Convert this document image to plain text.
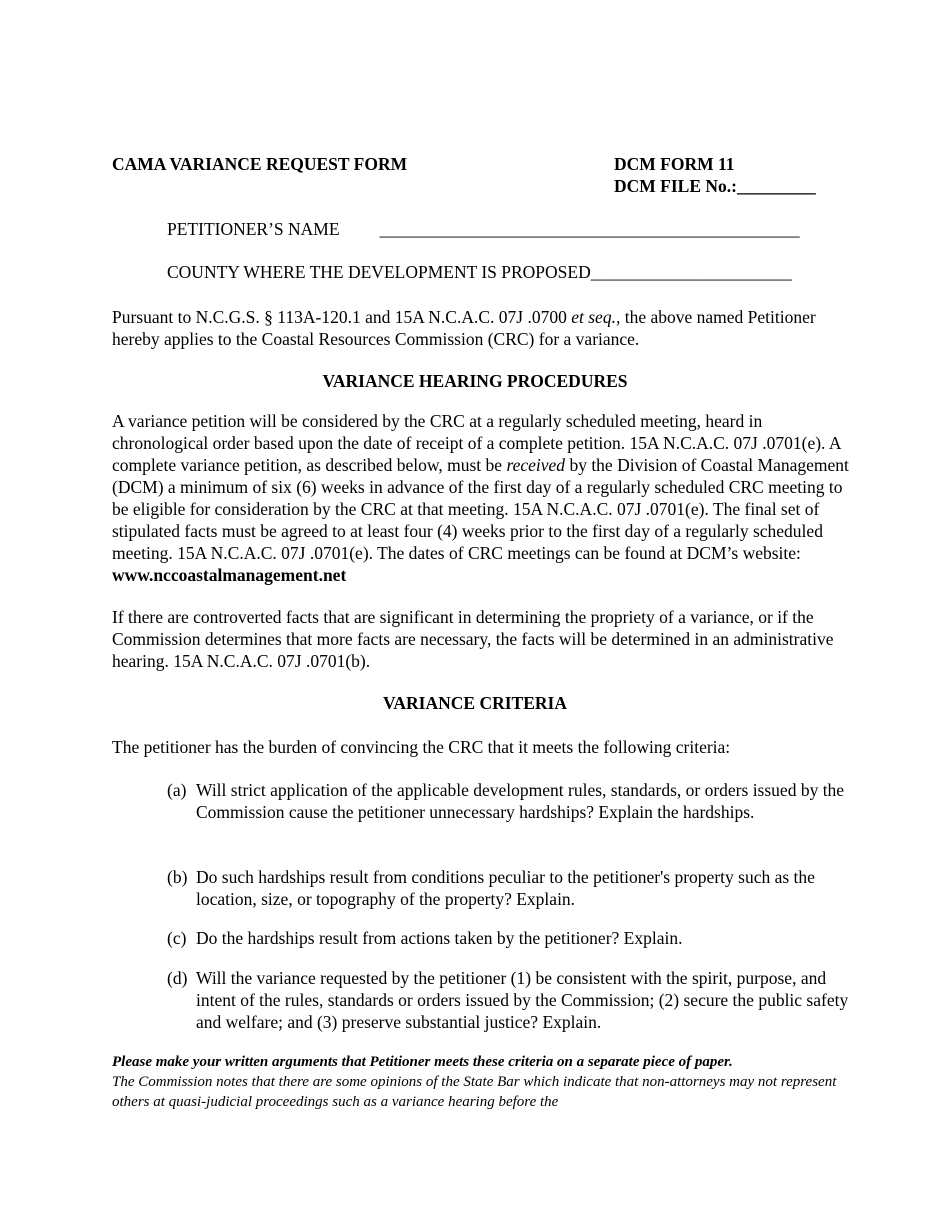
CAMA VARIANCE REQUEST FORM	DCM FORM 11
DCM FILE No.:_________
PETITIONER’S NAME ________________________________________________
COUNTY WHERE THE DEVELOPMENT IS PROPOSED_______________________
Pursuant to N.C.G.S. § 113A-120.1 and 15A N.C.A.C. 07J .0700 et seq., the above named Petitioner hereby applies to the Coastal Resources Commission (CRC) for a variance.
VARIANCE HEARING PROCEDURES
A variance petition will be considered by the CRC at a regularly scheduled meeting, heard in chronological order based upon the date of receipt of a complete petition. 15A N.C.A.C. 07J .0701(e). A complete variance petition, as described below, must be received by the Division of Coastal Management (DCM) a minimum of six (6) weeks in advance of the first day of a regularly scheduled CRC meeting to be eligible for consideration by the CRC at that meeting. 15A N.C.A.C. 07J .0701(e). The final set of stipulated facts must be agreed to at least four (4) weeks prior to the first day of a regularly scheduled meeting. 15A N.C.A.C. 07J .0701(e). The dates of CRC meetings can be found at DCM’s website: www.nccoastalmanagement.net
If there are controverted facts that are significant in determining the propriety of a variance, or if the Commission determines that more facts are necessary, the facts will be determined in an administrative hearing. 15A N.C.A.C. 07J .0701(b).
VARIANCE CRITERIA
The petitioner has the burden of convincing the CRC that it meets the following criteria:
(a) Will strict application of the applicable development rules, standards, or orders issued by the Commission cause the petitioner unnecessary hardships? Explain the hardships.
(b) Do such hardships result from conditions peculiar to the petitioner's property such as the location, size, or topography of the property? Explain.
(c) Do the hardships result from actions taken by the petitioner? Explain.
(d) Will the variance requested by the petitioner (1) be consistent with the spirit, purpose, and intent of the rules, standards or orders issued by the Commission; (2) secure the public safety and welfare; and (3) preserve substantial justice? Explain.
Please make your written arguments that Petitioner meets these criteria on a separate piece of paper.
The Commission notes that there are some opinions of the State Bar which indicate that non-attorneys may not represent others at quasi-judicial proceedings such as a variance hearing before the
